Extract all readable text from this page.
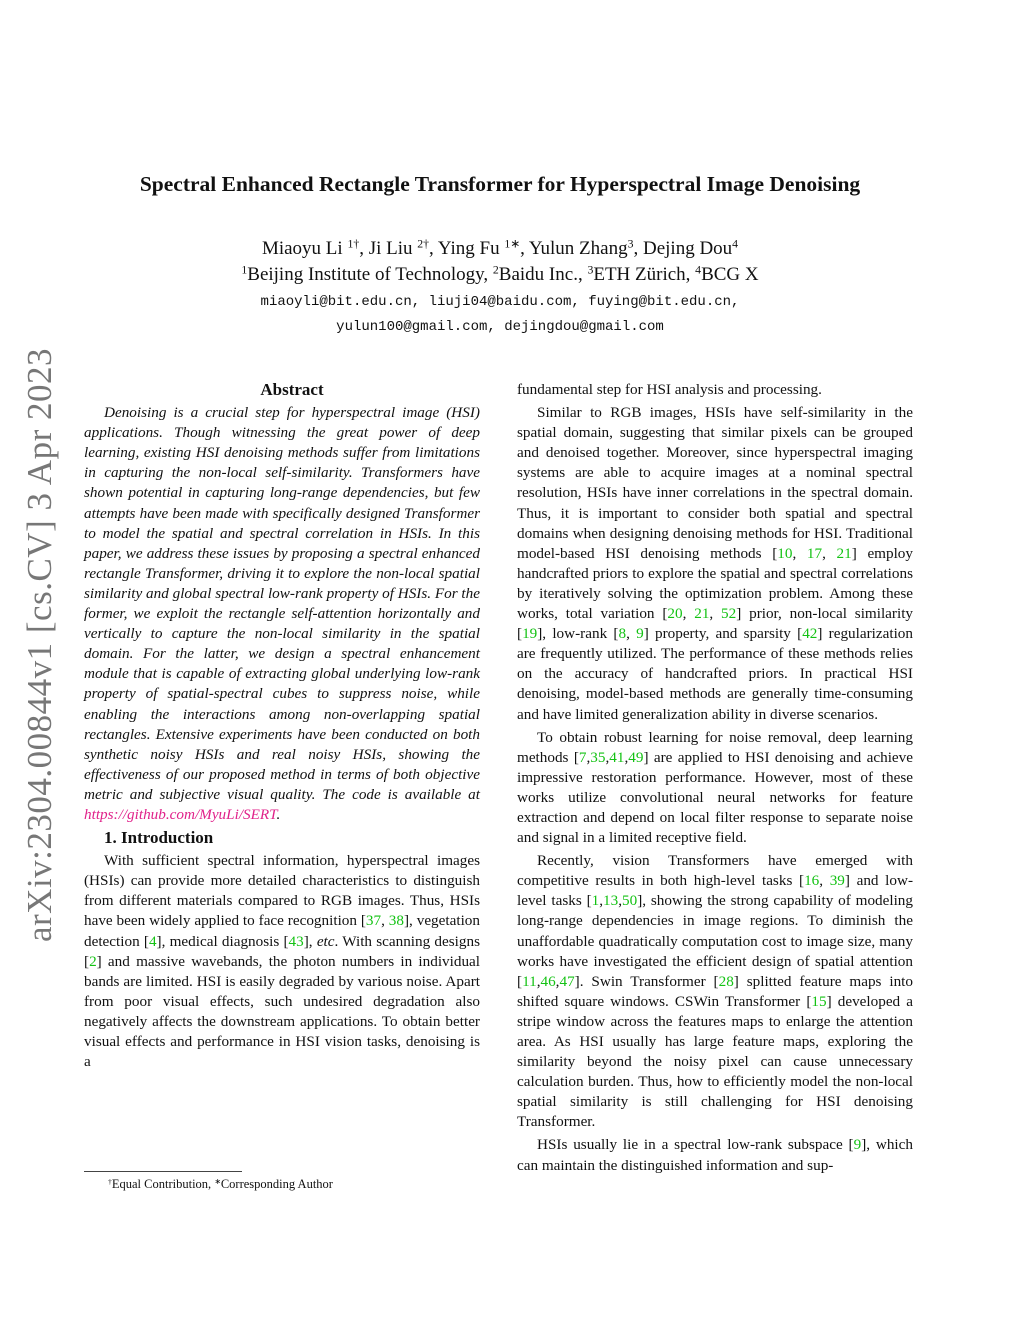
arXiv:2304.00844v1 [cs.CV] 3 Apr 2023
Spectral Enhanced Rectangle Transformer for Hyperspectral Image Denoising
Miaoyu Li $^{1\dagger}$, Ji Liu $^{2\dagger}$, Ying Fu $^{1∗}$, Yulun Zhang$^3$, Dejing Dou$^4$
$^1$Beijing Institute of Technology, $^2$Baidu Inc., $^3$ETH Zürich, $^4$BCG X
miaoyli@bit.edu.cn, liuji04@baidu.com, fuying@bit.edu.cn,
yulun100@gmail.com, dejingdou@gmail.com

Abstract

Denoising is a crucial step for hyperspectral image (HSI) applications. Though witnessing the great power of deep learning, existing HSI denoising methods suffer from limitations in capturing the non-local self-similarity. Transformers have shown potential in capturing long-range dependencies, but few attempts have been made with specifically designed Transformer to model the spatial and spectral correlation in HSIs. In this paper, we address these issues by proposing a spectral enhanced rectangle Transformer, driving it to explore the non-local spatial similarity and global spectral low-rank property of HSIs. For the former, we exploit the rectangle self-attention horizontally and vertically to capture the non-local similarity in the spatial domain. For the latter, we design a spectral enhancement module that is capable of extracting global underlying low-rank property of spatial-spectral cubes to suppress noise, while enabling the interactions among non-overlapping spatial rectangles. Extensive experiments have been conducted on both synthetic noisy HSIs and real noisy HSIs, showing the effectiveness of our proposed method in terms of both objective metric and subjective visual quality. The code is available at https://github.com/MyuLi/SERT.

1. Introduction

With sufficient spectral information, hyperspectral images (HSIs) can provide more detailed characteristics to distinguish from different materials compared to RGB images. Thus, HSIs have been widely applied to face recognition [37, 38], vegetation detection [4], medical diagnosis [43], etc. With scanning designs [2] and massive wavebands, the photon numbers in individual bands are limited. HSI is easily degraded by various noise. Apart from poor visual effects, such undesired degradation also negatively affects the downstream applications. To obtain better visual effects and performance in HSI vision tasks, denoising is a

fundamental step for HSI analysis and processing.

Similar to RGB images, HSIs have self-similarity in the spatial domain, suggesting that similar pixels can be grouped and denoised together. Moreover, since hyperspectral imaging systems are able to acquire images at a nominal spectral resolution, HSIs have inner correlations in the spectral domain. Thus, it is important to consider both spatial and spectral domains when designing denoising methods for HSI. Traditional model-based HSI denoising methods [10, 17, 21] employ handcrafted priors to explore the spatial and spectral correlations by iteratively solving the optimization problem. Among these works, total variation [20, 21, 52] prior, non-local similarity [19], low-rank [8, 9] property, and sparsity [42] regularization are frequently utilized. The performance of these methods relies on the accuracy of handcrafted priors. In practical HSI denoising, model-based methods are generally time-consuming and have limited generalization ability in diverse scenarios.

To obtain robust learning for noise removal, deep learning methods [7,35,41,49] are applied to HSI denoising and achieve impressive restoration performance. However, most of these works utilize convolutional neural networks for feature extraction and depend on local filter response to separate noise and signal in a limited receptive field.

Recently, vision Transformers have emerged with competitive results in both high-level tasks [16, 39] and low-level tasks [1,13,50], showing the strong capability of modeling long-range dependencies in image regions. To diminish the unaffordable quadratically computation cost to image size, many works have investigated the efficient design of spatial attention [11,46,47]. Swin Transformer [28] splitted feature maps into shifted square windows. CSWin Transformer [15] developed a stripe window across the features maps to enlarge the attention area. As HSI usually has large feature maps, exploring the similarity beyond the noisy pixel can cause unnecessary calculation burden. Thus, how to efficiently model the non-local spatial similarity is still challenging for HSI denoising Transformer.

HSIs usually lie in a spectral low-rank subspace [9], which can maintain the distinguished information and sup-

†Equal Contribution, ∗Corresponding Author
